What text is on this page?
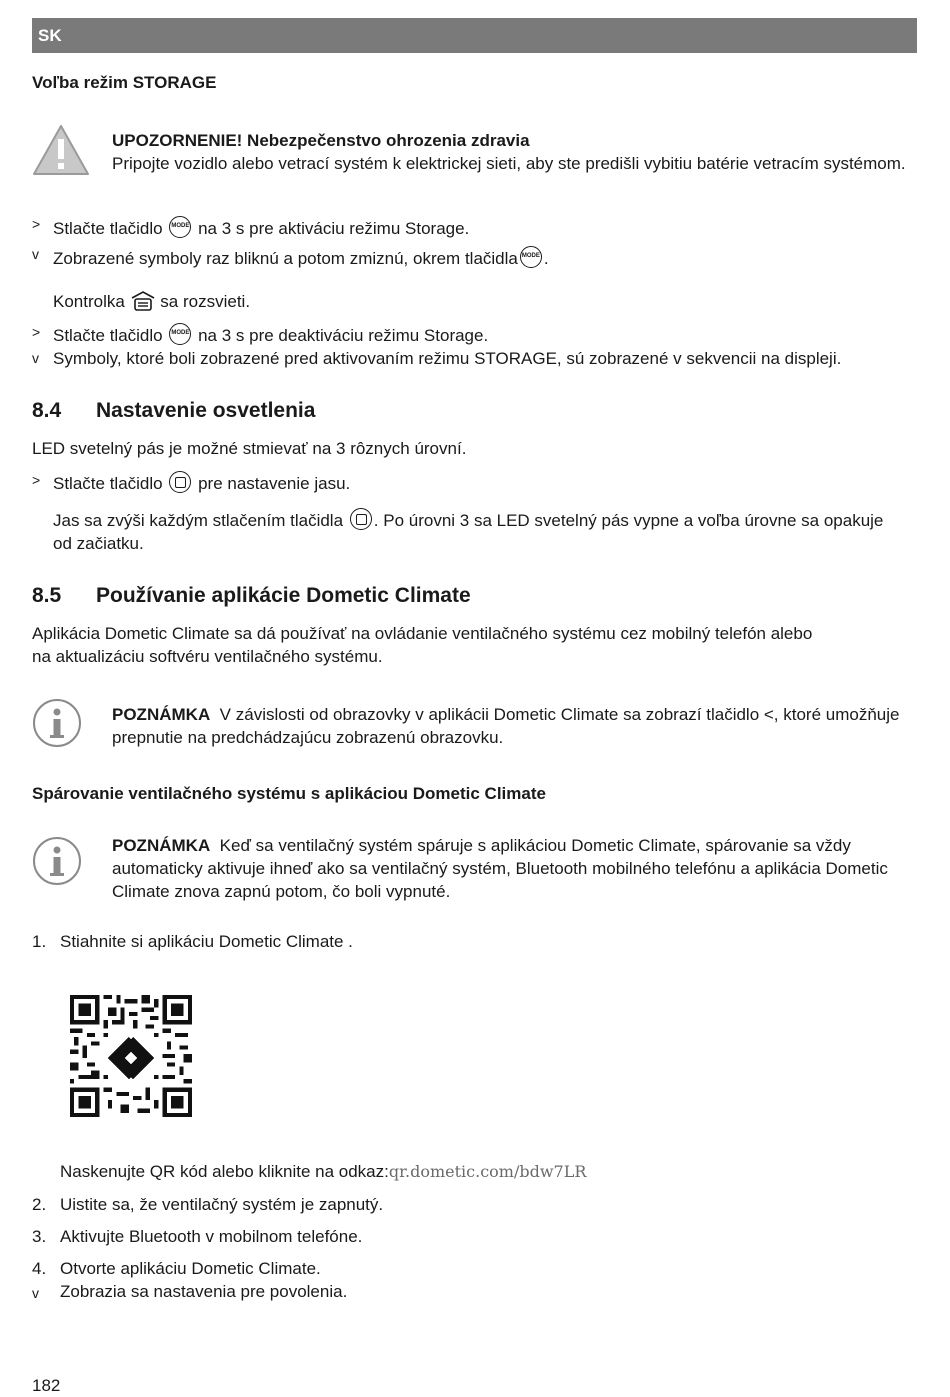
SK
Voľba režim STORAGE
UPOZORNENIE! Nebezpečenstvo ohrozenia zdravia
Pripojte vozidlo alebo vetrací systém k elektrickej sieti, aby ste predišli vybitiu batérie vetracím systémom.
> Stlačte tlačidlo MODE na 3 s pre aktiváciu režimu Storage.
v Zobrazené symboly raz bliknú a potom zmiznú, okrem tlačidla MODE .
Kontrolka sa rozsvieti.
> Stlačte tlačidlo MODE na 3 s pre deaktiváciu režimu Storage.
v Symboly, ktoré boli zobrazené pred aktivovaním režimu STORAGE, sú zobrazené v sekvencii na displeji.
8.4 Nastavenie osvetlenia
LED svetelný pás je možné stmievať na 3 rôznych úrovní.
> Stlačte tlačidlo pre nastavenie jasu.
Jas sa zvýši každým stlačením tlačidla . Po úrovni 3 sa LED svetelný pás vypne a voľba úrovne sa opakuje
od začiatku.
8.5 Používanie aplikácie Dometic Climate
Aplikácia Dometic Climate sa dá používať na ovládanie ventilačného systému cez mobilný telefón alebo
na aktualizáciu softvéru ventilačného systému.
POZNÁMKA V závislosti od obrazovky v aplikácii Dometic Climate sa zobrazí tlačidlo <, ktoré umožňuje
prepnutie na predchádzajúcu zobrazenú obrazovku.
Spárovanie ventilačného systému s aplikáciou Dometic Climate
POZNÁMKA Keď sa ventilačný systém spáruje s aplikáciou Dometic Climate, spárovanie sa vždy
automaticky aktivuje ihneď ako sa ventilačný systém, Bluetooth mobilného telefónu a aplikácia Dometic
Climate znova zapnú potom, čo boli vypnuté.
1. Stiahnite si aplikáciu Dometic Climate .
Naskenujte QR kód alebo kliknite na odkaz:qr.dometic.com/bdw7LR
2. Uistite sa, že ventilačný systém je zapnutý.
3. Aktivujte Bluetooth v mobilnom telefóne.
4. Otvorte aplikáciu Dometic Climate.
v Zobrazia sa nastavenia pre povolenia.
182
